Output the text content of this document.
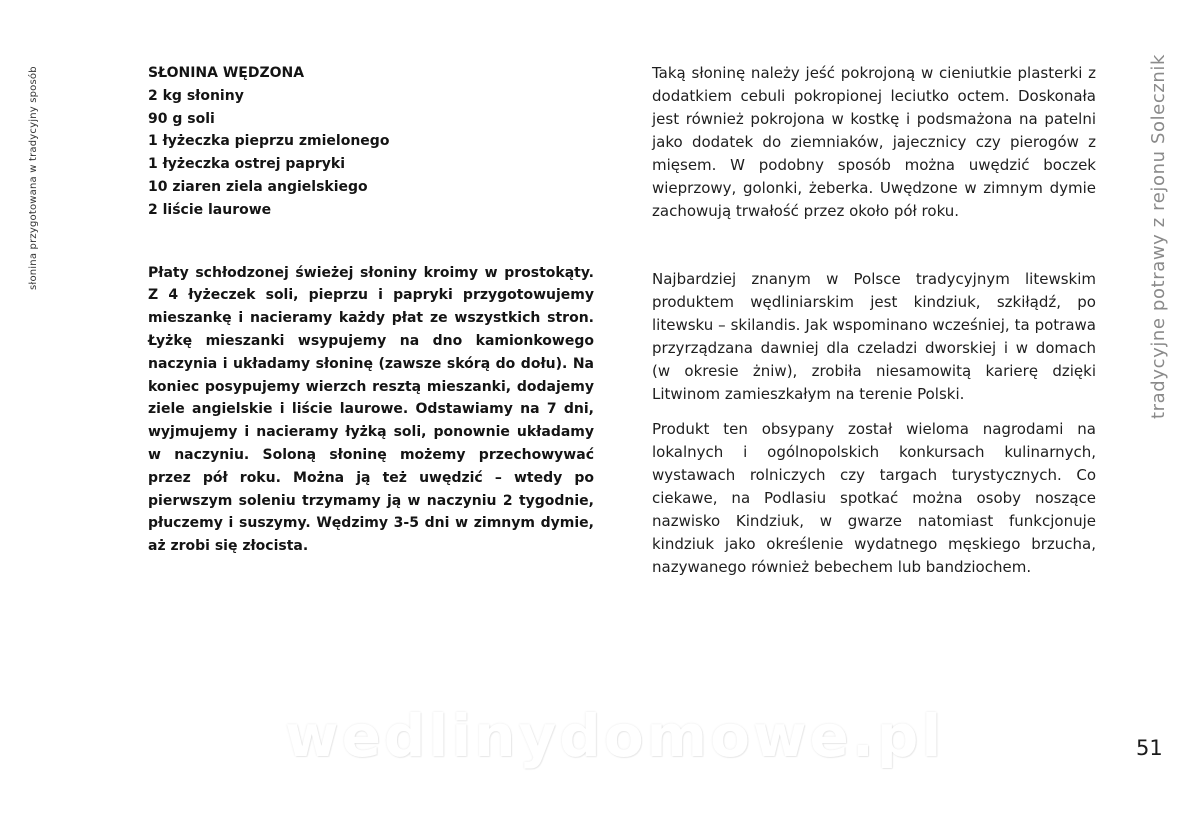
słonina przygotowana w tradycyjny sposób	tradycyjne potrawy z rejonu Solecznik
SŁONINA WĘDZONA
2 kg słoniny
90 g soli
1 łyżeczka pieprzu zmielonego
1 łyżeczka ostrej papryki
10 ziaren ziela angielskiego
2 liście laurowe

Płaty schłodzonej świeżej słoniny kroimy w prostokąty. Z 4 łyżeczek soli, pieprzu i papryki przygotowujemy mieszankę i nacieramy każdy płat ze wszystkich stron. Łyżkę mieszanki wsypujemy na dno kamionkowego naczynia i układamy słoninę (zawsze skórą do dołu). Na koniec posypujemy wierzch resztą mieszanki, dodajemy ziele angielskie i liście laurowe. Odstawiamy na 7 dni, wyjmujemy i nacieramy łyżką soli, ponownie układamy w naczyniu. Soloną słoninę możemy przechowywać przez pół roku. Można ją też uwędzić – wtedy po pierwszym soleniu trzymamy ją w naczyniu 2 tygodnie, płuczemy i suszymy. Wędzimy 3-5 dni w zimnym dymie, aż zrobi się złocista.

Taką słoninę należy jeść pokrojoną w cieniutkie plasterki z dodatkiem cebuli pokropionej leciutko octem. Doskonała jest również pokrojona w kostkę i podsmażona na patelni jako dodatek do ziemniaków, jajecznicy czy pierogów z mięsem. W podobny sposób można uwędzić boczek wieprzowy, golonki, żeberka. Uwędzone w zimnym dymie zachowują trwałość przez około pół roku.

Najbardziej znanym w Polsce tradycyjnym litewskim produktem wędliniarskim jest kindziuk, szkiłądź, po litewsku – skilandis. Jak wspominano wcześniej, ta potrawa przyrządzana dawniej dla czeladzi dworskiej i w domach (w okresie żniw), zrobiła niesamowitą karierę dzięki Litwinom zamieszkałym na terenie Polski.

Produkt ten obsypany został wieloma nagrodami na lokalnych i ogólnopolskich konkursach kulinarnych, wystawach rolniczych czy targach turystycznych. Co ciekawe, na Podlasiu spotkać można osoby noszące nazwisko Kindziuk, w gwarze natomiast funkcjonuje kindziuk jako określenie wydatnego męskiego brzucha, nazywanego również bebechem lub bandziochem.

wedlinydomowe.pl	51
